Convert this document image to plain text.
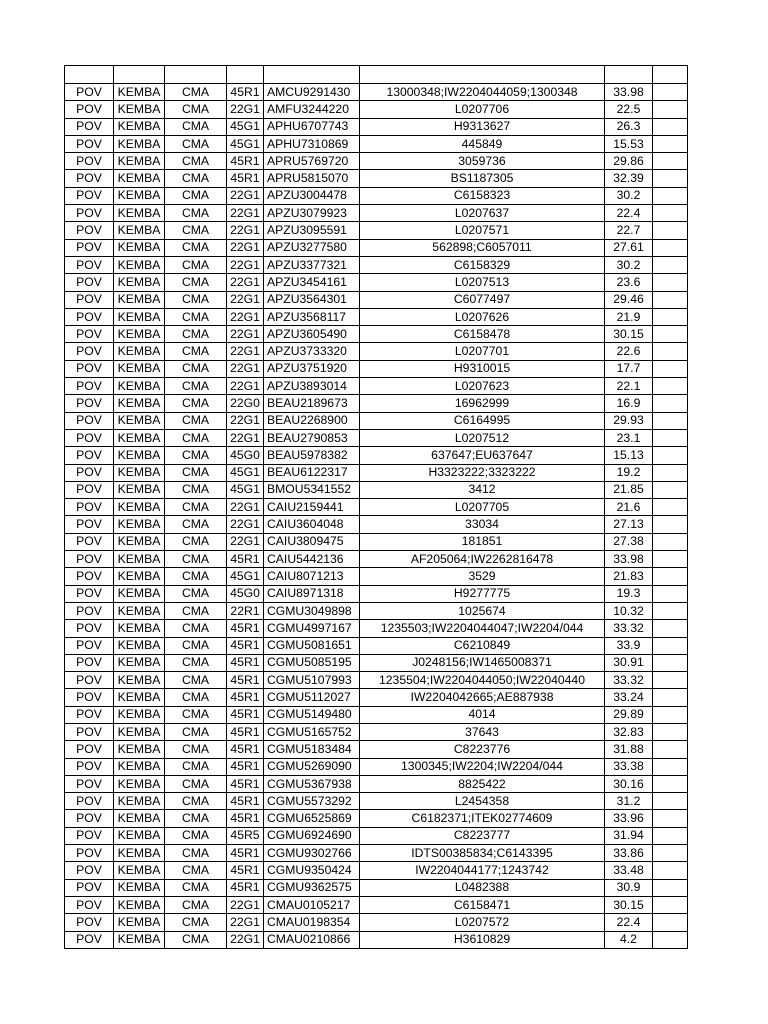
POV	KEMBA	CMA	45R1	AMCU9291430	13000348;IW2204044059;1300348	33.98	
POV	KEMBA	CMA	22G1	AMFU3244220	L0207706	22.5	
POV	KEMBA	CMA	45G1	APHU6707743	H9313627	26.3	
POV	KEMBA	CMA	45G1	APHU7310869	445849	15.53	
POV	KEMBA	CMA	45R1	APRU5769720	3059736	29.86	
POV	KEMBA	CMA	45R1	APRU5815070	BS1187305	32.39	
POV	KEMBA	CMA	22G1	APZU3004478	C6158323	30.2	
POV	KEMBA	CMA	22G1	APZU3079923	L0207637	22.4	
POV	KEMBA	CMA	22G1	APZU3095591	L0207571	22.7	
POV	KEMBA	CMA	22G1	APZU3277580	562898;C6057011	27.61	
POV	KEMBA	CMA	22G1	APZU3377321	C6158329	30.2	
POV	KEMBA	CMA	22G1	APZU3454161	L0207513	23.6	
POV	KEMBA	CMA	22G1	APZU3564301	C6077497	29.46	
POV	KEMBA	CMA	22G1	APZU3568117	L0207626	21.9	
POV	KEMBA	CMA	22G1	APZU3605490	C6158478	30.15	
POV	KEMBA	CMA	22G1	APZU3733320	L0207701	22.6	
POV	KEMBA	CMA	22G1	APZU3751920	H9310015	17.7	
POV	KEMBA	CMA	22G1	APZU3893014	L0207623	22.1	
POV	KEMBA	CMA	22G0	BEAU2189673	16962999	16.9	
POV	KEMBA	CMA	22G1	BEAU2268900	C6164995	29.93	
POV	KEMBA	CMA	22G1	BEAU2790853	L0207512	23.1	
POV	KEMBA	CMA	45G0	BEAU5978382	637647;EU637647	15.13	
POV	KEMBA	CMA	45G1	BEAU6122317	H3323222;3323222	19.2	
POV	KEMBA	CMA	45G1	BMOU5341552	3412	21.85	
POV	KEMBA	CMA	22G1	CAIU2159441	L0207705	21.6	
POV	KEMBA	CMA	22G1	CAIU3604048	33034	27.13	
POV	KEMBA	CMA	22G1	CAIU3809475	181851	27.38	
POV	KEMBA	CMA	45R1	CAIU5442136	AF205064;IW2262816478	33.98	
POV	KEMBA	CMA	45G1	CAIU8071213	3529	21.83	
POV	KEMBA	CMA	45G0	CAIU8971318	H9277775	19.3	
POV	KEMBA	CMA	22R1	CGMU3049898	1025674	10.32	
POV	KEMBA	CMA	45R1	CGMU4997167	1235503;IW2204044047;IW2204/044	33.32	
POV	KEMBA	CMA	45R1	CGMU5081651	C6210849	33.9	
POV	KEMBA	CMA	45R1	CGMU5085195	J0248156;IW1465008371	30.91	
POV	KEMBA	CMA	45R1	CGMU5107993	1235504;IW2204044050;IW22040440	33.32	
POV	KEMBA	CMA	45R1	CGMU5112027	IW2204042665;AE887938	33.24	
POV	KEMBA	CMA	45R1	CGMU5149480	4014	29.89	
POV	KEMBA	CMA	45R1	CGMU5165752	37643	32.83	
POV	KEMBA	CMA	45R1	CGMU5183484	C8223776	31.88	
POV	KEMBA	CMA	45R1	CGMU5269090	1300345;IW2204;IW2204/044	33.38	
POV	KEMBA	CMA	45R1	CGMU5367938	8825422	30.16	
POV	KEMBA	CMA	45R1	CGMU5573292	L2454358	31.2	
POV	KEMBA	CMA	45R1	CGMU6525869	C6182371;ITEK02774609	33.96	
POV	KEMBA	CMA	45R5	CGMU6924690	C8223777	31.94	
POV	KEMBA	CMA	45R1	CGMU9302766	IDTS00385834;C6143395	33.86	
POV	KEMBA	CMA	45R1	CGMU9350424	IW2204044177;1243742	33.48	
POV	KEMBA	CMA	45R1	CGMU9362575	L0482388	30.9	
POV	KEMBA	CMA	22G1	CMAU0105217	C6158471	30.15	
POV	KEMBA	CMA	22G1	CMAU0198354	L0207572	22.4	
POV	KEMBA	CMA	22G1	CMAU0210866	H3610829	4.2	
